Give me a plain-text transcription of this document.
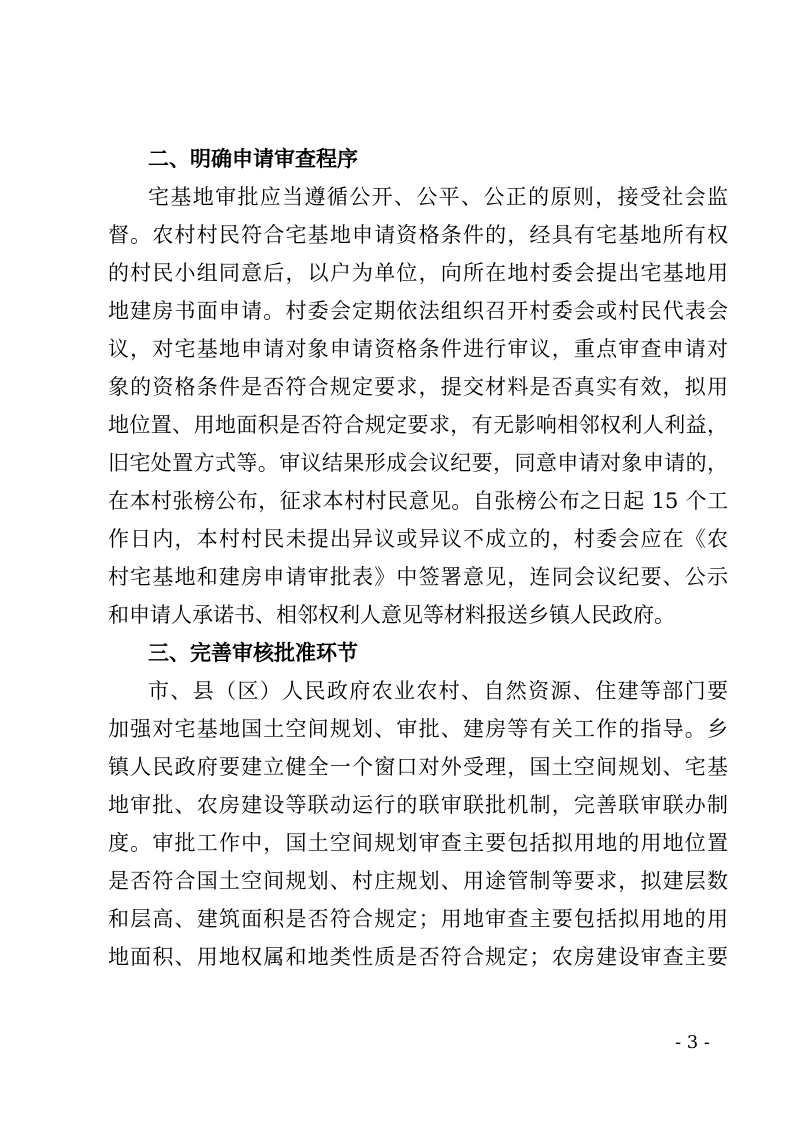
二、明确申请审查程序
宅基地审批应当遵循公开、公平、公正的原则，接受社会监
督。农村村民符合宅基地申请资格条件的，经具有宅基地所有权
的村民小组同意后，以户为单位，向所在地村委会提出宅基地用
地建房书面申请。村委会定期依法组织召开村委会或村民代表会
议，对宅基地申请对象申请资格条件进行审议，重点审查申请对
象的资格条件是否符合规定要求，提交材料是否真实有效，拟用
地位置、用地面积是否符合规定要求，有无影响相邻权利人利益，
旧宅处置方式等。审议结果形成会议纪要，同意申请对象申请的，
在本村张榜公布，征求本村村民意见。自张榜公布之日起 15 个工
作日内，本村村民未提出异议或异议不成立的，村委会应在《农
村宅基地和建房申请审批表》中签署意见，连同会议纪要、公示
和申请人承诺书、相邻权利人意见等材料报送乡镇人民政府。
三、完善审核批准环节
市、县（区）人民政府农业农村、自然资源、住建等部门要
加强对宅基地国土空间规划、审批、建房等有关工作的指导。乡
镇人民政府要建立健全一个窗口对外受理，国土空间规划、宅基
地审批、农房建设等联动运行的联审联批机制，完善联审联办制
度。审批工作中，国土空间规划审查主要包括拟用地的用地位置
是否符合国土空间规划、村庄规划、用途管制等要求，拟建层数
和层高、建筑面积是否符合规定；用地审查主要包括拟用地的用
地面积、用地权属和地类性质是否符合规定；农房建设审查主要
- 3 -
